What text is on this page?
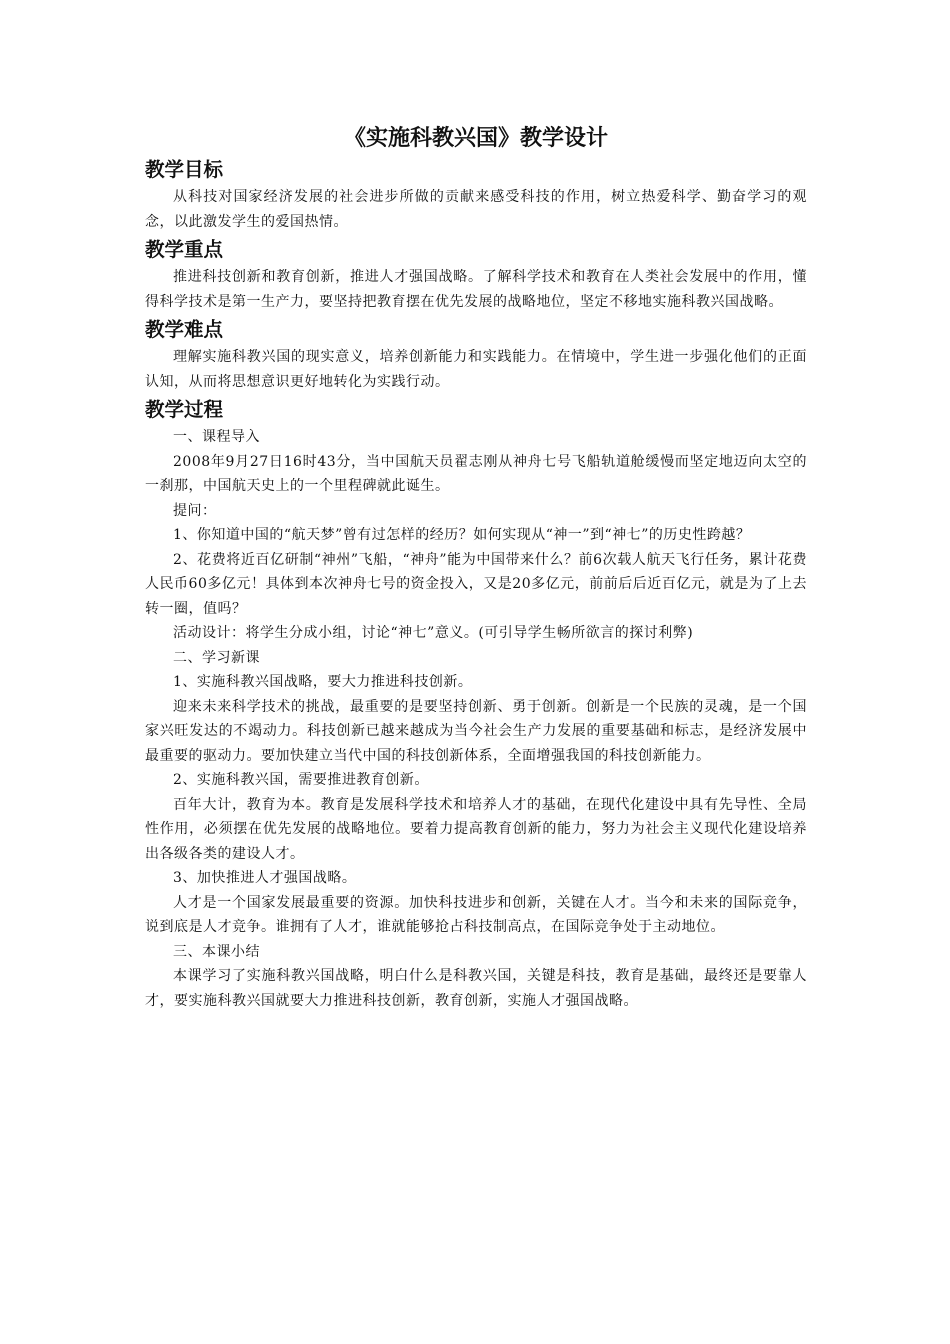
《实施科教兴国》教学设计
教学目标

从科技对国家经济发展的社会进步所做的贡献来感受科技的作用，树立热爱科学、勤奋学习的观念，以此激发学生的爱国热情。

教学重点

推进科技创新和教育创新，推进人才强国战略。了解科学技术和教育在人类社会发展中的作用，懂得科学技术是第一生产力，要坚持把教育摆在优先发展的战略地位，坚定不移地实施科教兴国战略。

教学难点

理解实施科教兴国的现实意义，培养创新能力和实践能力。在情境中，学生进一步强化他们的正面认知，从而将思想意识更好地转化为实践行动。

教学过程

一、课程导入

2008年9月27日16时43分，当中国航天员翟志刚从神舟七号飞船轨道舱缓慢而坚定地迈向太空的一刹那，中国航天史上的一个里程碑就此诞生。

提问：

1、你知道中国的“航天梦”曾有过怎样的经历？如何实现从“神一”到“神七”的历史性跨越？

2、花费将近百亿研制“神州”飞船，“神舟”能为中国带来什么？前6次载人航天飞行任务，累计花费人民币60多亿元！具体到本次神舟七号的资金投入，又是20多亿元，前前后后近百亿元，就是为了上去转一圈，值吗？

活动设计：将学生分成小组，讨论“神七”意义。(可引导学生畅所欲言的探讨利弊)

二、学习新课

1、实施科教兴国战略，要大力推进科技创新。

迎来未来科学技术的挑战，最重要的是要坚持创新、勇于创新。创新是一个民族的灵魂，是一个国家兴旺发达的不竭动力。科技创新已越来越成为当今社会生产力发展的重要基础和标志，是经济发展中最重要的驱动力。要加快建立当代中国的科技创新体系，全面增强我国的科技创新能力。

2、实施科教兴国，需要推进教育创新。

百年大计，教育为本。教育是发展科学技术和培养人才的基础，在现代化建设中具有先导性、全局性作用，必须摆在优先发展的战略地位。要着力提高教育创新的能力，努力为社会主义现代化建设培养出各级各类的建设人才。

3、加快推进人才强国战略。

人才是一个国家发展最重要的资源。加快科技进步和创新，关键在人才。当今和未来的国际竞争，说到底是人才竞争。谁拥有了人才，谁就能够抢占科技制高点，在国际竞争处于主动地位。

三、本课小结

本课学习了实施科教兴国战略，明白什么是科教兴国，关键是科技，教育是基础，最终还是要靠人才，要实施科教兴国就要大力推进科技创新，教育创新，实施人才强国战略。
